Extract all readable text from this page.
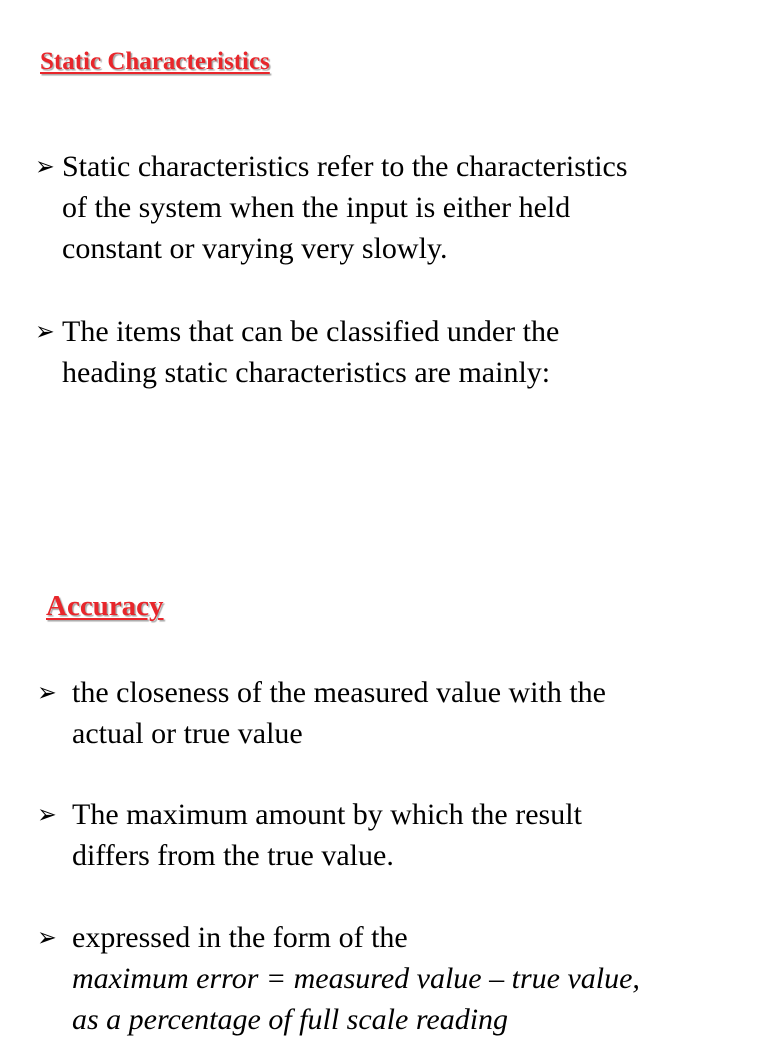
Static Characteristics
➢ Static characteristics refer to the characteristics
of the system when the input is either held
constant or varying very slowly.
➢ The items that can be classified under the
heading static characteristics are mainly:
Accuracy
➢ the closeness of the measured value with the
actual or true value
➢ The maximum amount by which the result
differs from the true value.
➢ expressed in the form of the
maximum error = measured value – true value,
as a percentage of full scale reading
